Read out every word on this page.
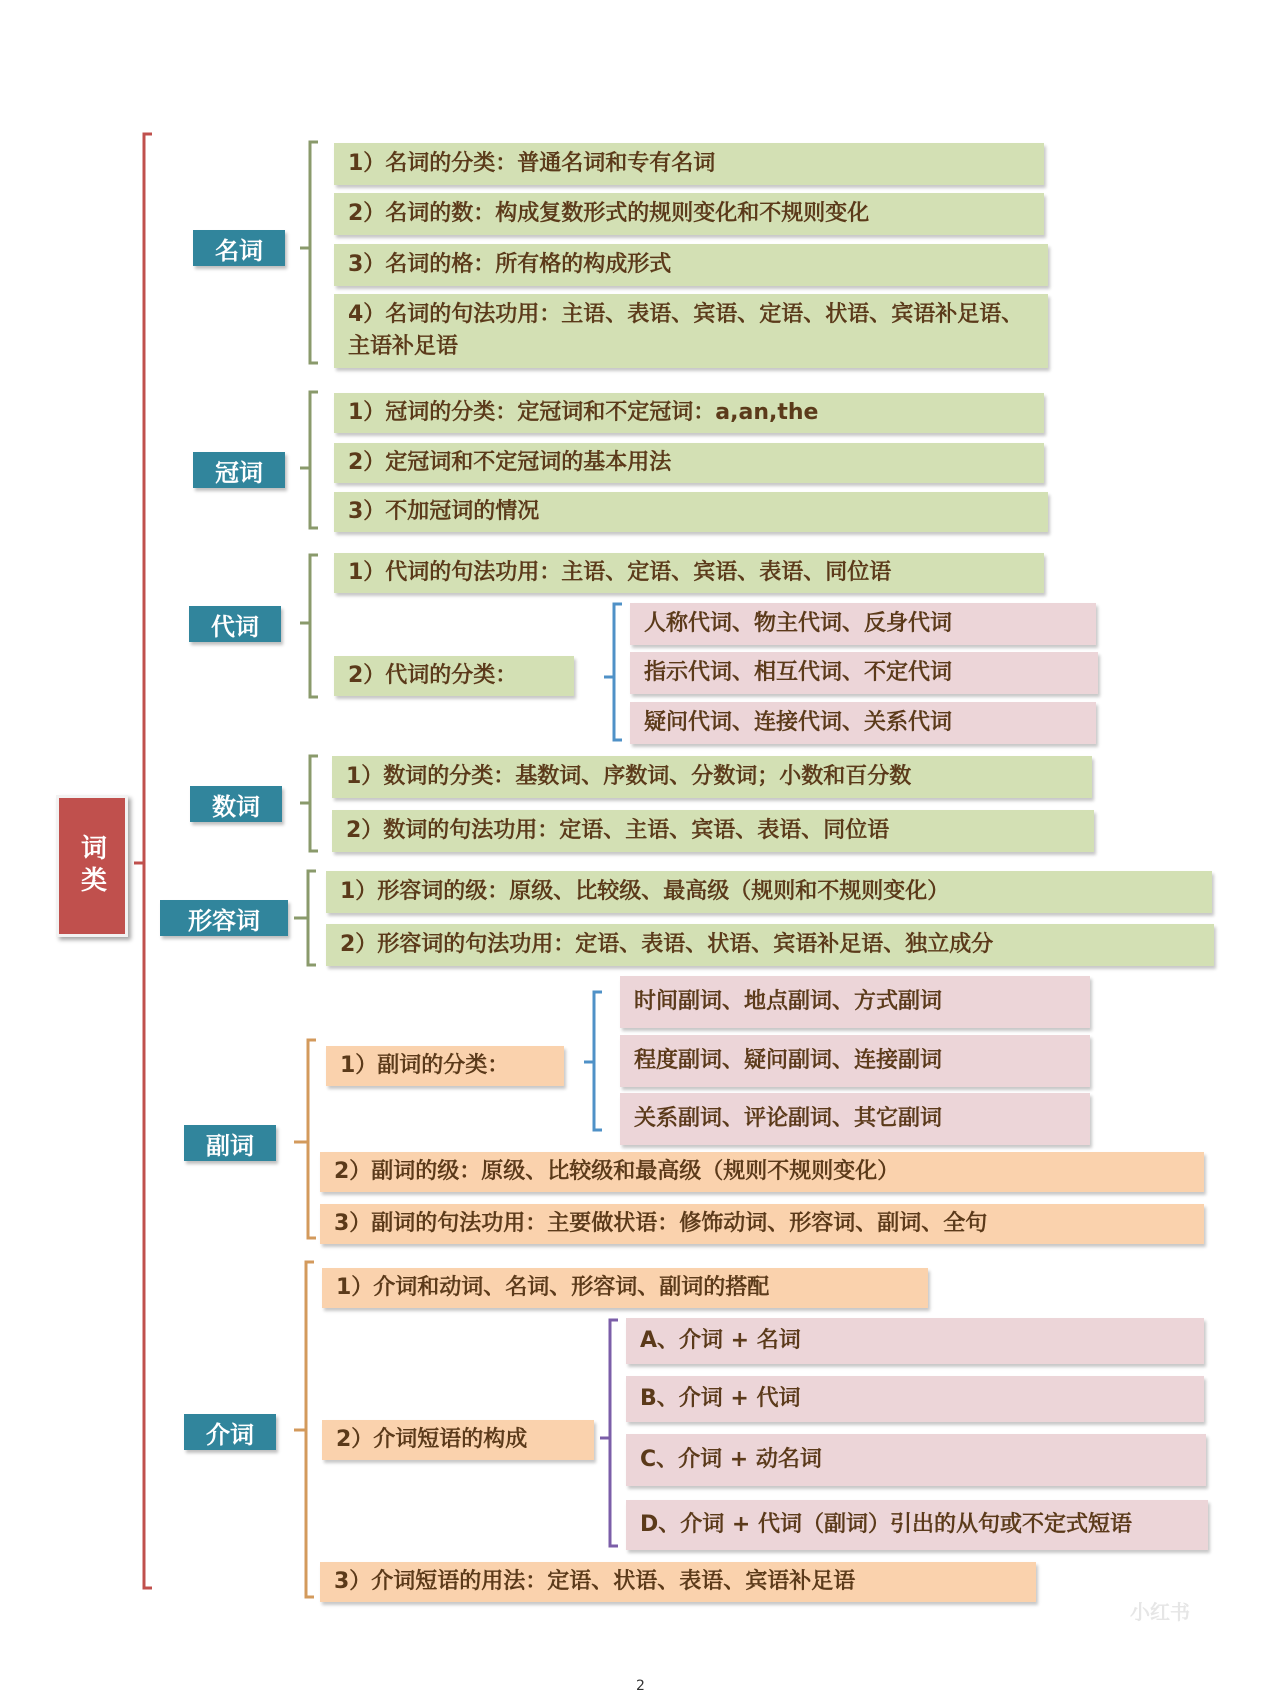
词类
名词
冠词
代词
数词
形容词
副词
介词
1）名词的分类：普通名词和专有名词
2）名词的数：构成复数形式的规则变化和不规则变化
3）名词的格：所有格的构成形式
4）名词的句法功用：主语、表语、宾语、定语、状语、宾语补足语、主语补足语
1）冠词的分类：定冠词和不定冠词：a,an,the
2）定冠词和不定冠词的基本用法
3）不加冠词的情况
1）代词的句法功用：主语、定语、宾语、表语、同位语
2）代词的分类：
人称代词、物主代词、反身代词
指示代词、相互代词、不定代词
疑问代词、连接代词、关系代词
1）数词的分类：基数词、序数词、分数词；小数和百分数
2）数词的句法功用：定语、主语、宾语、表语、同位语
1）形容词的级：原级、比较级、最高级（规则和不规则变化）
2）形容词的句法功用：定语、表语、状语、宾语补足语、独立成分
1）副词的分类：
时间副词、地点副词、方式副词
程度副词、疑问副词、连接副词
关系副词、评论副词、其它副词
2）副词的级：原级、比较级和最高级（规则不规则变化）
3）副词的句法功用：主要做状语：修饰动词、形容词、副词、全句
1）介词和动词、名词、形容词、副词的搭配
2）介词短语的构成
A、介词 + 名词
B、介词 + 代词
C、介词 + 动名词
D、介词 + 代词（副词）引出的从句或不定式短语
3）介词短语的用法：定语、状语、表语、宾语补足语
小红书
2
